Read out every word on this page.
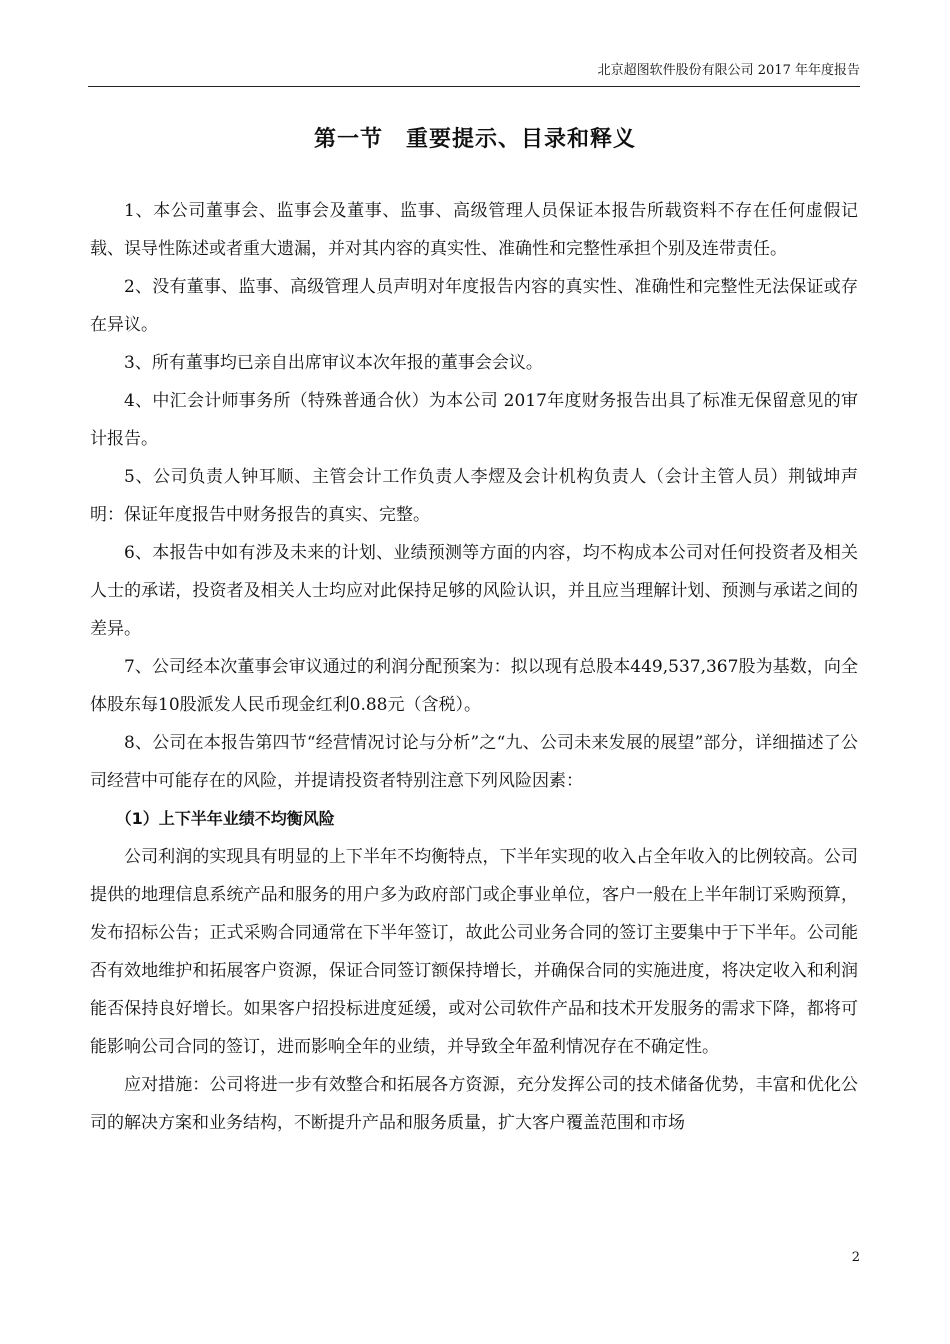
北京超图软件股份有限公司 2017 年年度报告
第一节　重要提示、目录和释义

1、本公司董事会、监事会及董事、监事、高级管理人员保证本报告所载资料不存在任何虚假记载、误导性陈述或者重大遗漏，并对其内容的真实性、准确性和完整性承担个别及连带责任。

2、没有董事、监事、高级管理人员声明对年度报告内容的真实性、准确性和完整性无法保证或存在异议。

3、所有董事均已亲自出席审议本次年报的董事会会议。

4、中汇会计师事务所（特殊普通合伙）为本公司 2017年度财务报告出具了标准无保留意见的审计报告。

5、公司负责人钟耳顺、主管会计工作负责人李熤及会计机构负责人（会计主管人员）荆钺坤声明：保证年度报告中财务报告的真实、完整。

6、本报告中如有涉及未来的计划、业绩预测等方面的内容，均不构成本公司对任何投资者及相关人士的承诺，投资者及相关人士均应对此保持足够的风险认识，并且应当理解计划、预测与承诺之间的差异。

7、公司经本次董事会审议通过的利润分配预案为：拟以现有总股本449,537,367股为基数，向全体股东每10股派发人民币现金红利0.88元（含税）。

8、公司在本报告第四节“经营情况讨论与分析”之“九、公司未来发展的展望”部分，详细描述了公司经营中可能存在的风险，并提请投资者特别注意下列风险因素：

（1）上下半年业绩不均衡风险

公司利润的实现具有明显的上下半年不均衡特点，下半年实现的收入占全年收入的比例较高。公司提供的地理信息系统产品和服务的用户多为政府部门或企事业单位，客户一般在上半年制订采购预算，发布招标公告；正式采购合同通常在下半年签订，故此公司业务合同的签订主要集中于下半年。公司能否有效地维护和拓展客户资源，保证合同签订额保持增长，并确保合同的实施进度，将决定收入和利润能否保持良好增长。如果客户招投标进度延缓，或对公司软件产品和技术开发服务的需求下降，都将可能影响公司合同的签订，进而影响全年的业绩，并导致全年盈利情况存在不确定性。

应对措施：公司将进一步有效整合和拓展各方资源，充分发挥公司的技术储备优势，丰富和优化公司的解决方案和业务结构，不断提升产品和服务质量，扩大客户覆盖范围和市场

2
